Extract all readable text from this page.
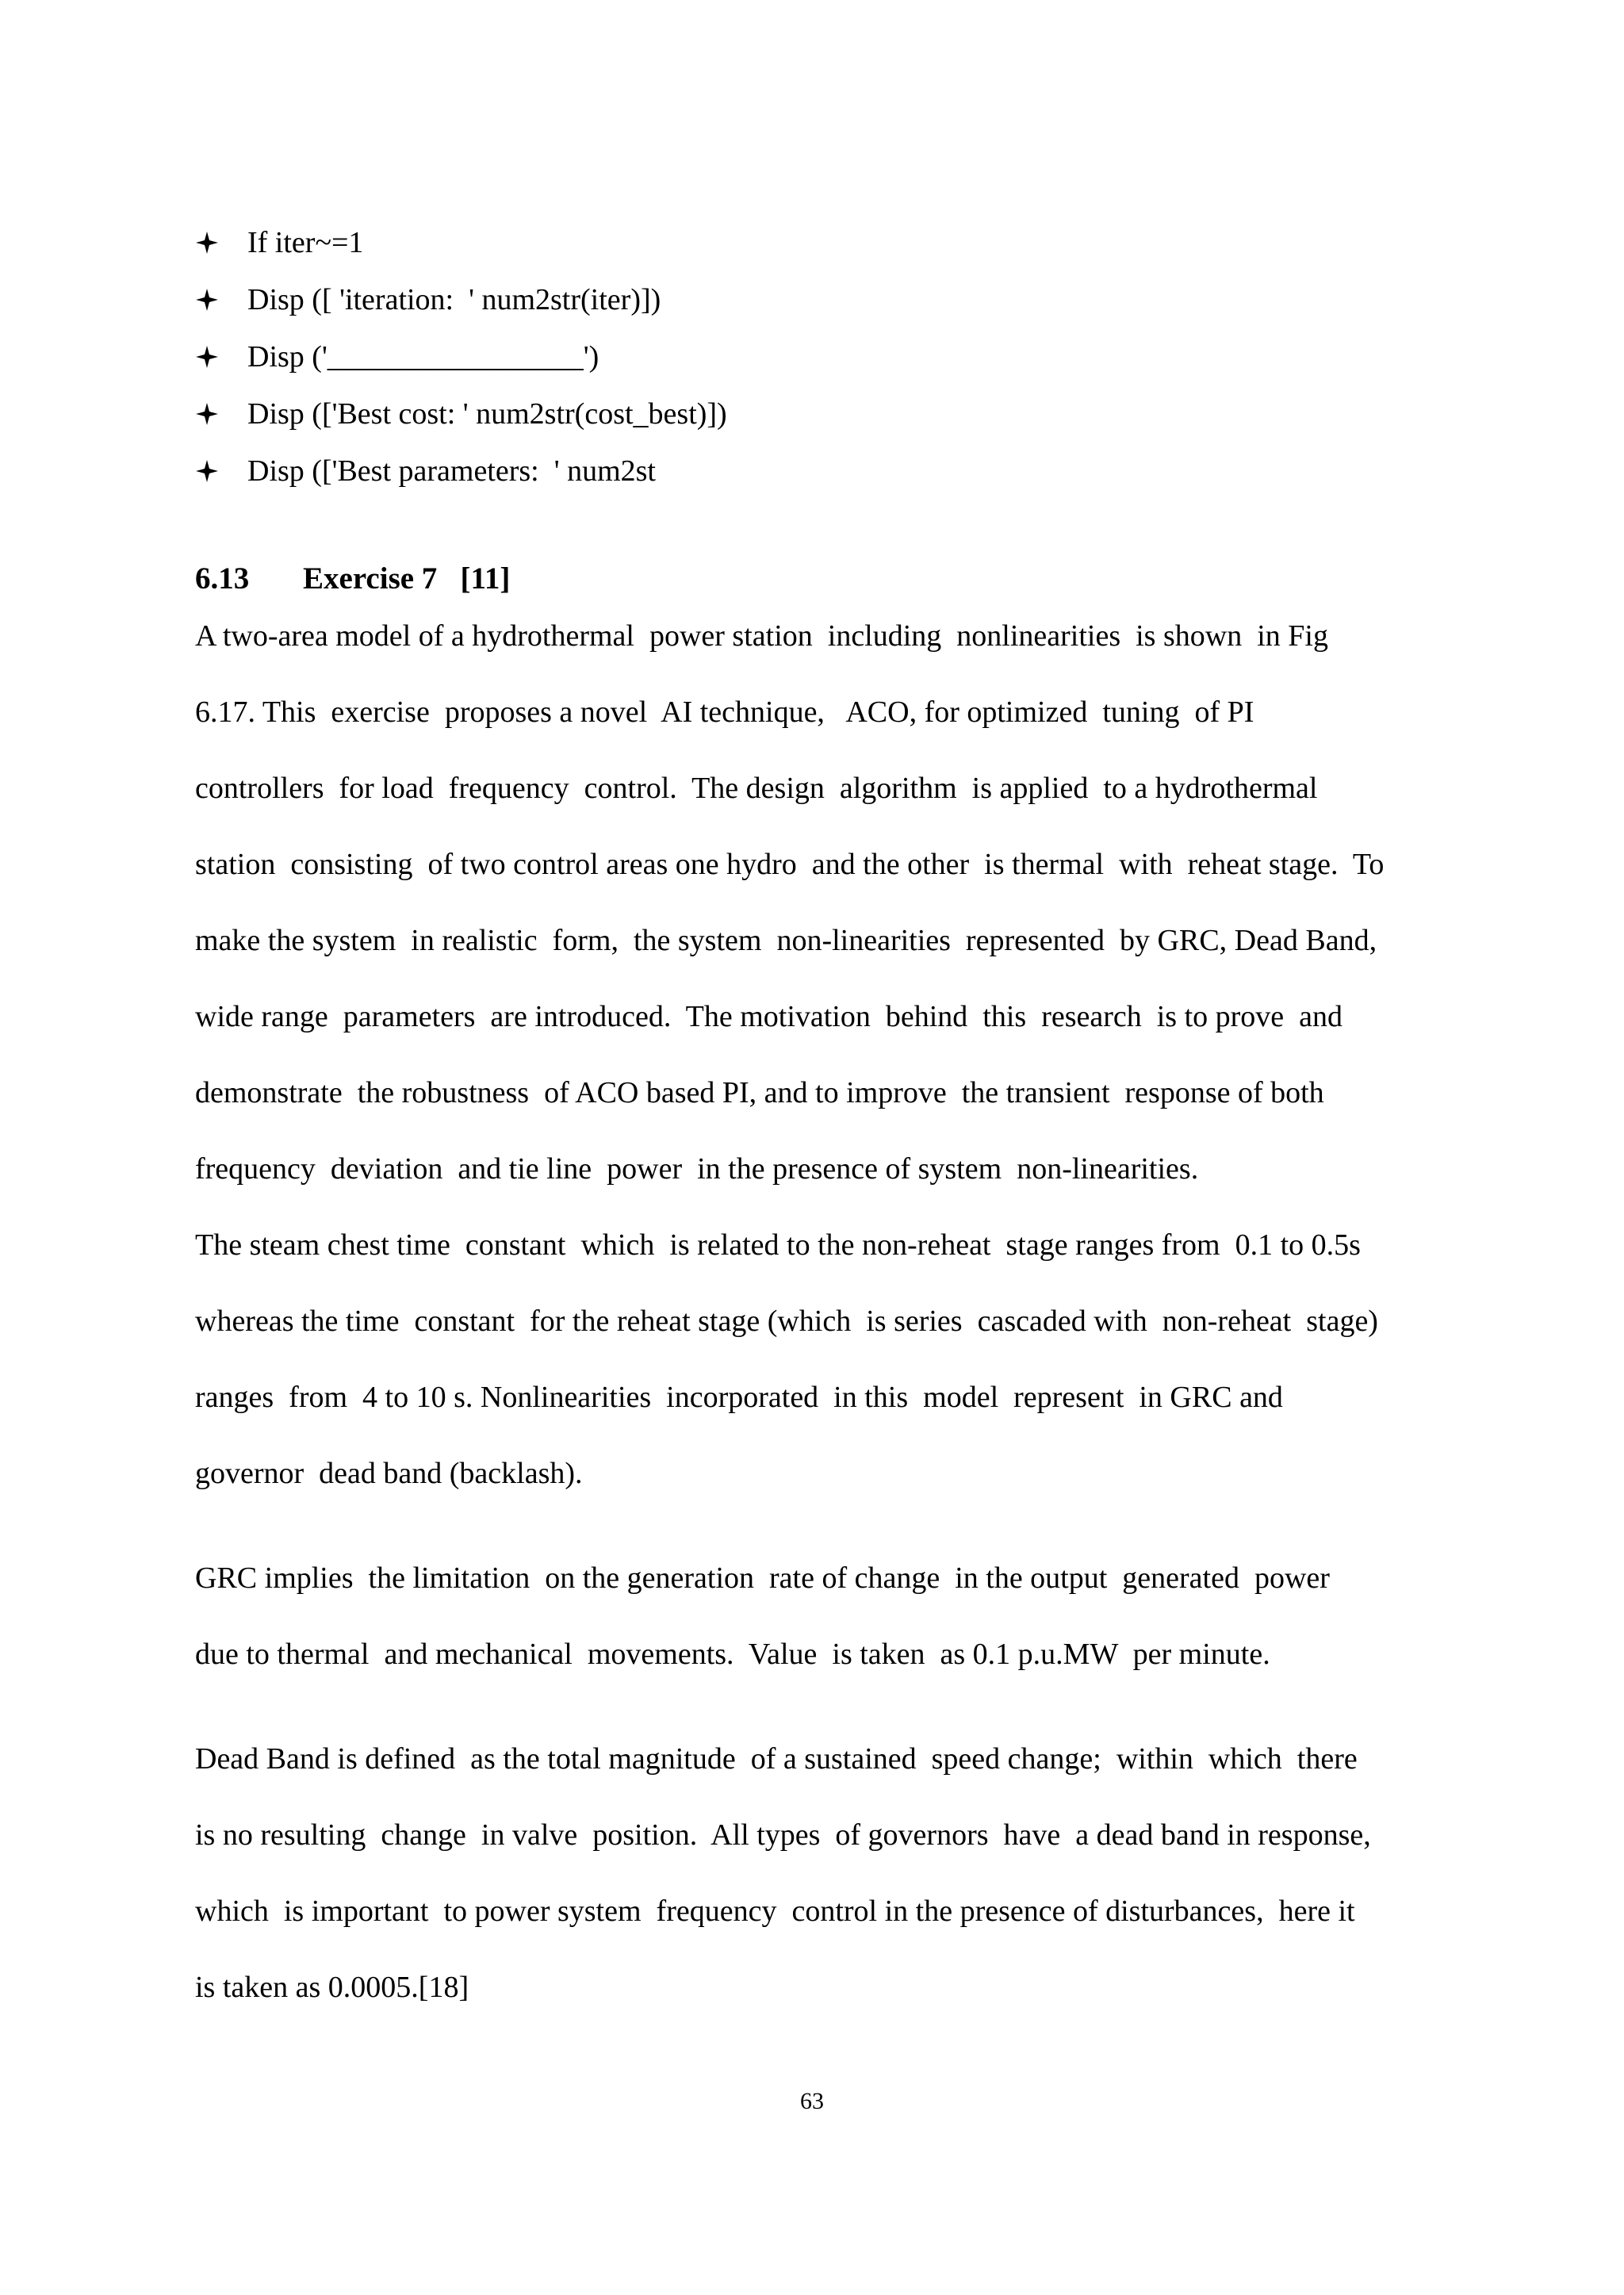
If iter~=1
Disp ([ 'iteration:  ' num2str(iter)])
Disp ('_________________')
Disp (['Best cost: ' num2str(cost_best)])
Disp (['Best parameters:  ' num2st
6.13 Exercise 7   [11]

A two-area model of a hydrothermal  power station  including  nonlinearities  is shown  in Fig
6.17. This  exercise  proposes a novel  AI technique,   ACO, for optimized  tuning  of PI
controllers  for load  frequency  control.  The design  algorithm  is applied  to a hydrothermal
station  consisting  of two control areas one hydro  and the other  is thermal  with  reheat stage.  To
make the system  in realistic  form,  the system  non-linearities  represented  by GRC, Dead Band,
wide range  parameters  are introduced.  The motivation  behind  this  research  is to prove  and
demonstrate  the robustness  of ACO based PI, and to improve  the transient  response of both
frequency  deviation  and tie line  power  in the presence of system  non-linearities.

The steam chest time  constant  which  is related to the non-reheat  stage ranges from  0.1 to 0.5s
whereas the time  constant  for the reheat stage (which  is series  cascaded with  non-reheat  stage)
ranges  from  4 to 10 s. Nonlinearities  incorporated  in this  model  represent  in GRC and
governor  dead band (backlash).

GRC implies  the limitation  on the generation  rate of change  in the output  generated  power
due to thermal  and mechanical  movements.  Value  is taken  as 0.1 p.u.MW  per minute.

Dead Band is defined  as the total magnitude  of a sustained  speed change;  within  which  there
is no resulting  change  in valve  position.  All types  of governors  have  a dead band in response,
which  is important  to power system  frequency  control in the presence of disturbances,  here it
is taken as 0.0005.[18]

63
